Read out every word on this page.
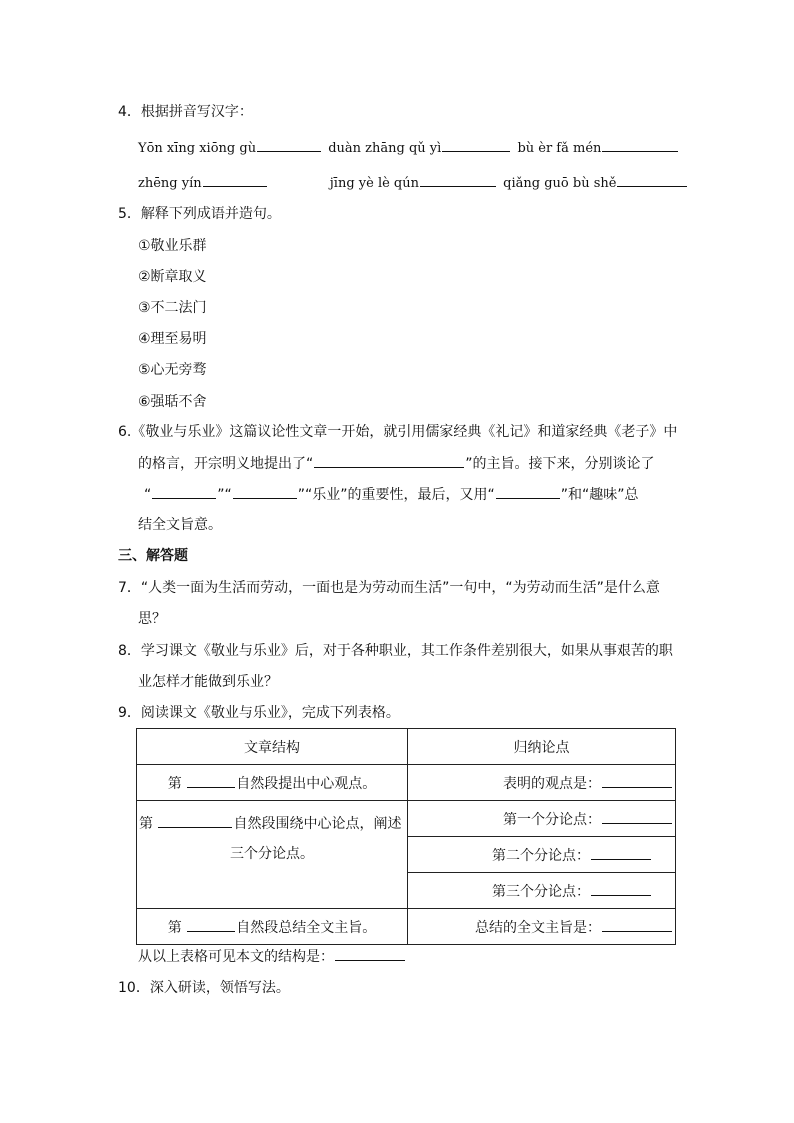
4．根据拼音写汉字：
Yōn xīng xiōng gù	duàn zhāng qǔ yì	bù èr fǎ mén
zhēng yín	jīng yè lè qún	qiǎng guō bù shě
5．解释下列成语并造句。
①敬业乐群
②断章取义
③不二法门
④理至易明
⑤心无旁骛
⑥强聒不舍
6.《敬业与乐业》这篇议论性文章一开始，就引用儒家经典《礼记》和道家经典《老子》中
的格言，开宗明义地提出了“	”的主旨。接下来，分别谈论了
“	”“	”“乐业”的重要性，最后，又用“	”和“趣味”总
结全文旨意。
三、解答题
7．“人类一面为生活而劳动，一面也是为劳动而生活”一句中，“为劳动而生活”是什么意
思？
8．学习课文《敬业与乐业》后，对于各种职业，其工作条件差别很大，如果从事艰苦的职
业怎样才能做到乐业？
9．阅读课文《敬业与乐业》，完成下列表格。
文章结构	归纳论点
第 自然段提出中心观点。	表明的观点是：

第 自然段围绕中心论点，阐述
三个分论点。	第一个分论点：
	第二个分论点：
	第三个分论点：
第 自然段总结全文主旨。	总结的全文主旨是：
从以上表格可见本文的结构是：
10．深入研读，领悟写法。
